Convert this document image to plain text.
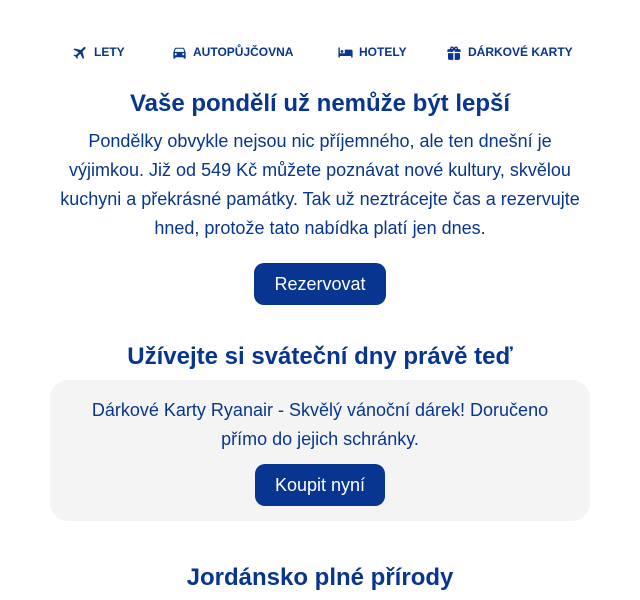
LETY	AUTOPŮJČOVNA	HOTELY	DÁRKOVÉ KARTY
Vaše pondělí už nemůže být lepší
Pondělky obvykle nejsou nic příjemného, ale ten dnešní je výjimkou. Již od 549 Kč můžete poznávat nové kultury, skvělou kuchyni a překrásné památky. Tak už neztrácejte čas a rezervujte hned, protože tato nabídka platí jen dnes.
Rezervovat
Užívejte si sváteční dny právě teď
Dárkové Karty Ryanair - Skvělý vánoční dárek! Doručeno přímo do jejich schránky.
Koupit nyní
Jordánsko plné přírody
